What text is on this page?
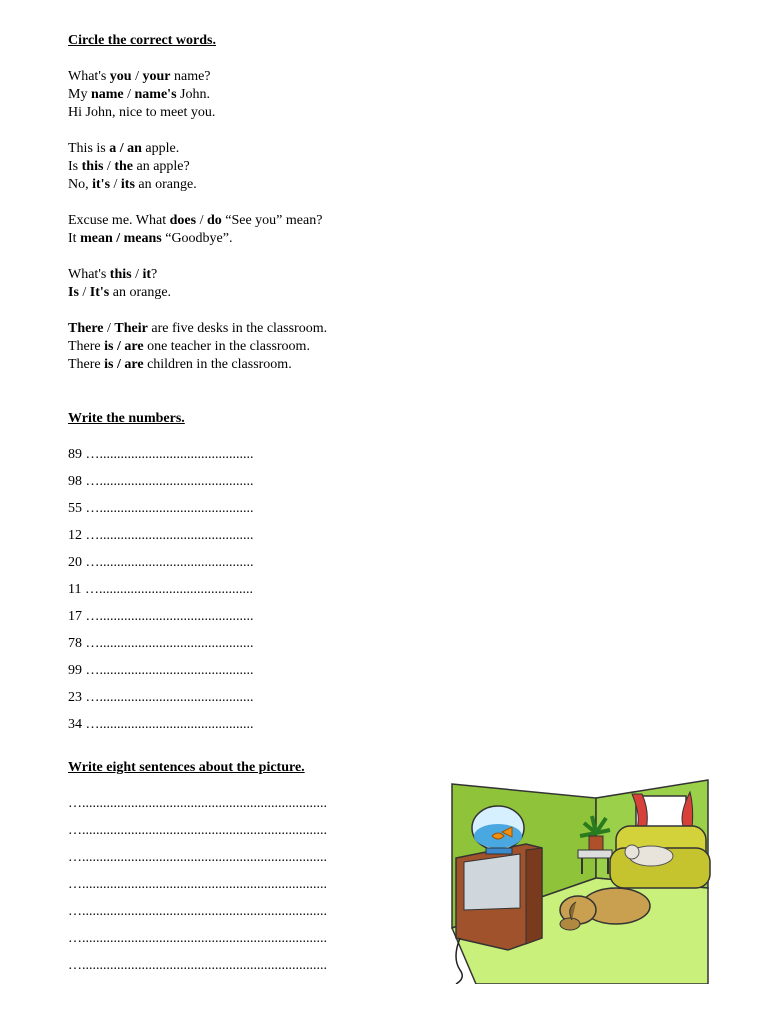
Circle the correct words.

What's you / your name?
My name / name's John.
Hi John, nice to meet you.
This is a / an apple.
Is this / the an apple?
No, it's / its an orange.
Excuse me. What does / do “See you” mean?
It mean / means “Goodbye”.
What's this / it?
Is / It's an orange.
There / Their are five desks in the classroom.
There is / are one teacher in the classroom.
There is / are children in the classroom.

Write the numbers.

89 …............................................
98 …............................................
55 …............................................
12 …............................................
20 …............................................
11 …............................................
17 …............................................
78 …............................................
99 …............................................
23 …............................................
34 …............................................

Write eight sentences about the picture.

…......................................................................
…......................................................................
…......................................................................
…......................................................................
…......................................................................
…......................................................................
…......................................................................
